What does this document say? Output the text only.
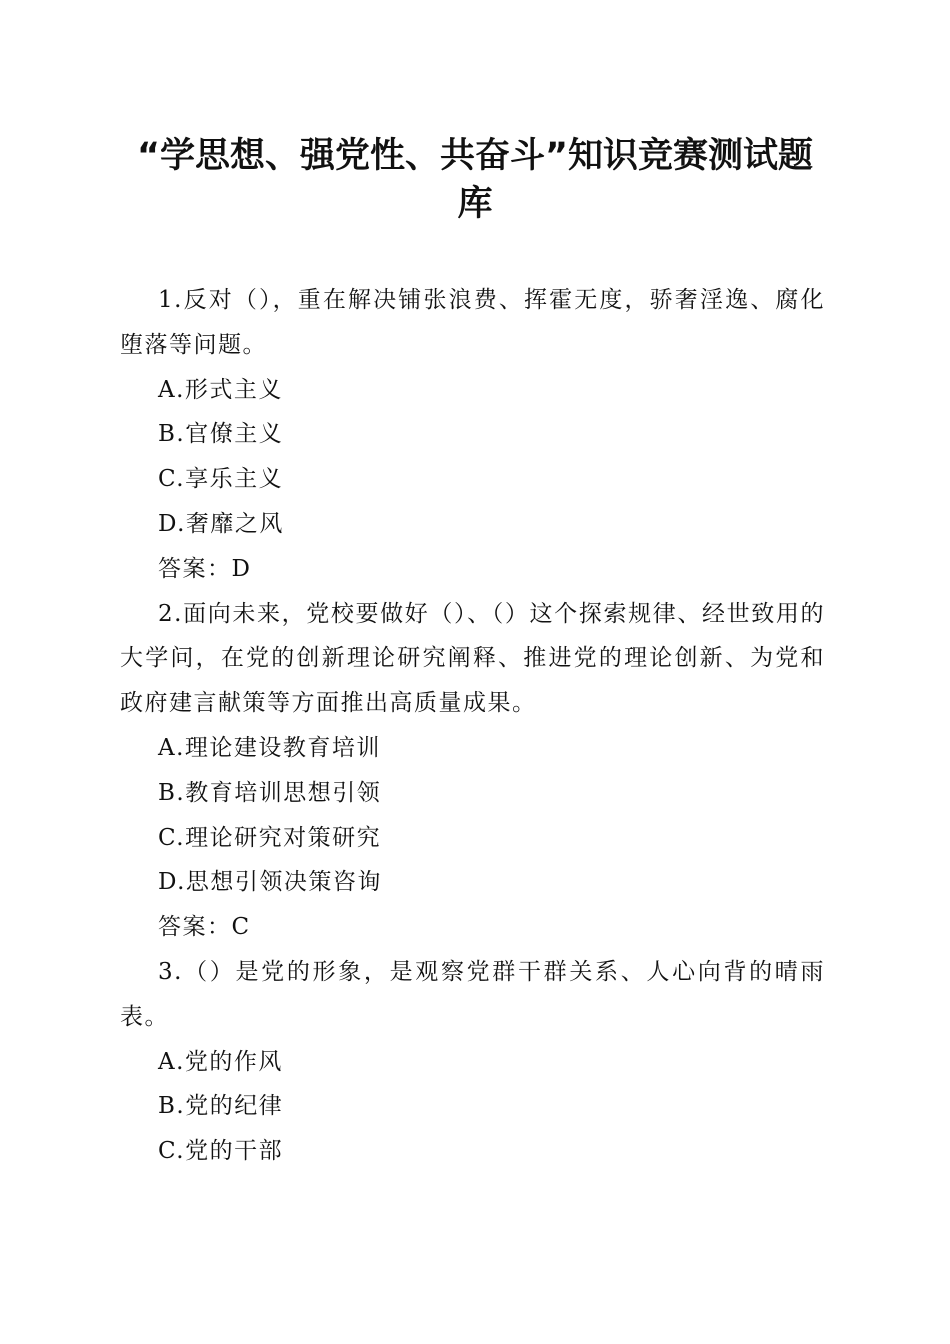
“学思想、强党性、共奋斗”知识竞赛测试题
库

1.反对（），重在解决铺张浪费、挥霍无度，骄奢淫逸、腐化堕落等问题。

A.形式主义

B.官僚主义

C.享乐主义

D.奢靡之风

答案：D

2.面向未来，党校要做好（）、（）这个探索规律、经世致用的大学问，在党的创新理论研究阐释、推进党的理论创新、为党和政府建言献策等方面推出高质量成果。

A.理论建设教育培训

B.教育培训思想引领

C.理论研究对策研究

D.思想引领决策咨询

答案：C

3.（）是党的形象，是观察党群干群关系、人心向背的晴雨表。

A.党的作风

B.党的纪律

C.党的干部
